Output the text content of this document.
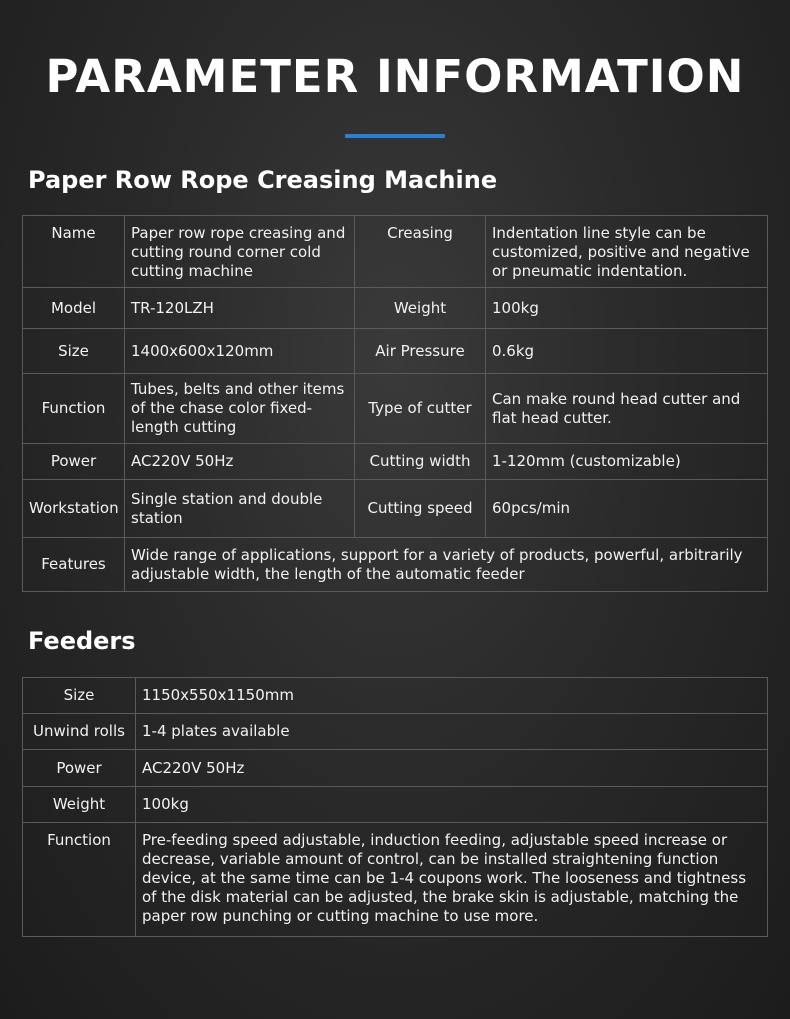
PARAMETER INFORMATION
Paper Row Rope Creasing Machine
Name	Paper row rope creasing and cutting round corner cold cutting machine	Creasing	Indentation line style can be customized, positive and negative or pneumatic indentation.
Model	TR-120LZH	Weight	100kg
Size	1400x600x120mm	Air Pressure	0.6kg
Function	Tubes, belts and other items of the chase color fixed-length cutting	Type of cutter	Can make round head cutter and flat head cutter.
Power	AC220V 50Hz	Cutting width	1-120mm (customizable)
Workstation	Single station and double station	Cutting speed	60pcs/min
Features	Wide range of applications, support for a variety of products, powerful, arbitrarily adjustable width, the length of the automatic feeder		
Feeders
Size	1150x550x1150mm
Unwind rolls	1-4 plates available
Power	AC220V 50Hz
Weight	100kg
Function	Pre-feeding speed adjustable, induction feeding, adjustable speed increase or decrease, variable amount of control, can be installed straightening function device, at the same time can be 1-4 coupons work. The looseness and tightness of the disk material can be adjusted, the brake skin is adjustable, matching the paper row punching or cutting machine to use more.
